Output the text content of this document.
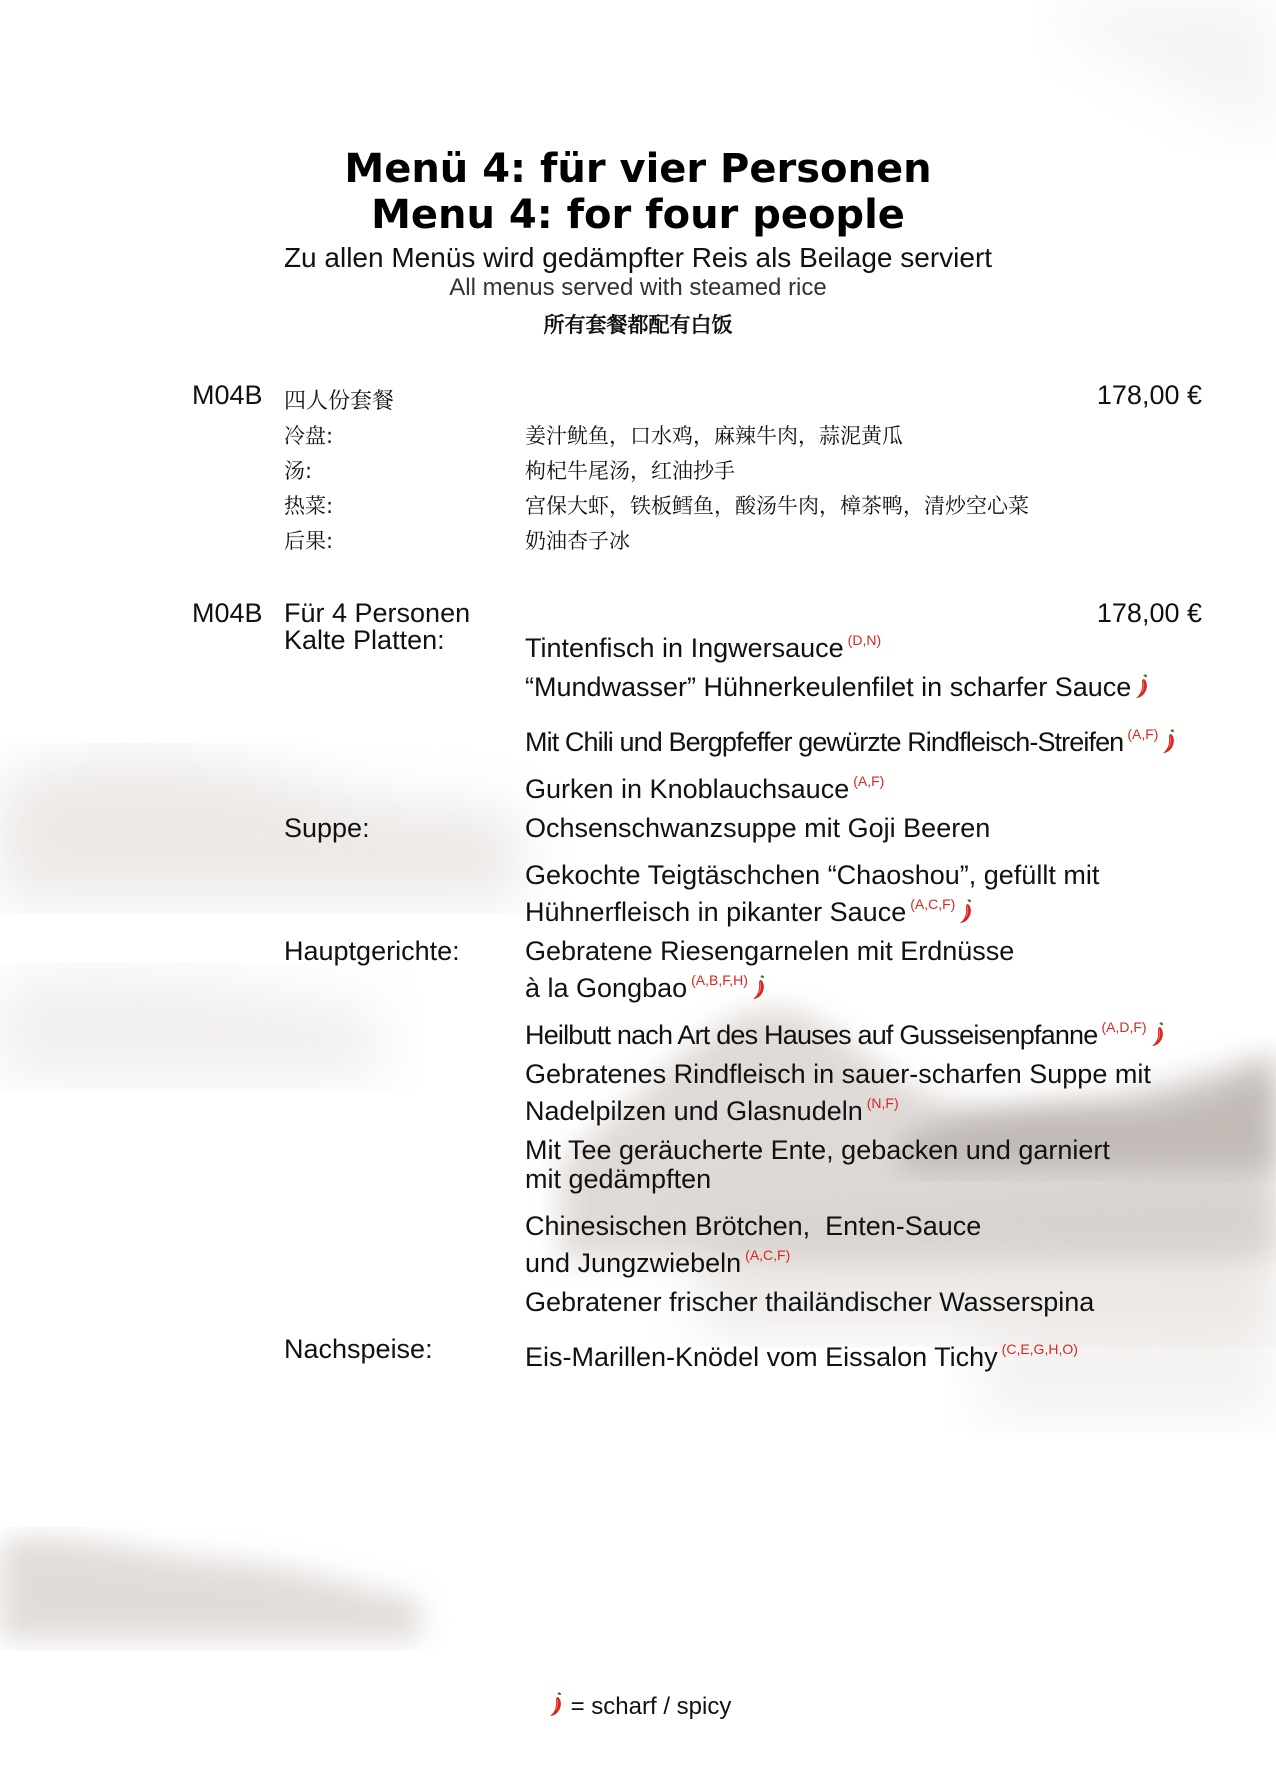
Menü 4: für vier Personen
Menu 4: for four people
Zu allen Menüs wird gedämpfter Reis als Beilage serviert
All menus served with steamed rice
所有套餐都配有白饭
M04B 四人份套餐	178,00 €
冷盘:	姜汁鱿鱼，口水鸡，麻辣牛肉，蒜泥黄瓜
汤:	枸杞牛尾汤，红油抄手
热菜:	宫保大虾，铁板鳕鱼，酸汤牛肉，樟茶鸭，清炒空心菜
后果:	奶油杏子冰
M04B Für 4 Personen	178,00 €
Kalte Platten:	Tintenfisch in Ingwersauce $^{(D,N)}$
“Mundwasser” Hühnerkeulenfilet in scharfer Sauce
Mit Chili und Bergpfeffer gewürzte Rindfleisch-Streifen $^{(A,F)}$
Gurken in Knoblauchsauce $^{(A,F)}$
Suppe:	Ochsenschwanzsuppe mit Goji Beeren
Gekochte Teigtäschchen “Chaoshou”, gefüllt mit
Hühnerfleisch in pikanter Sauce $^{(A,C,F)}$
Hauptgerichte: Gebratene Riesengarnelen mit Erdnüsse
à la Gongbao $^{(A,B,F,H)}$
Heilbutt nach Art des Hauses auf Gusseisenpfanne $^{(A,D,F)}$
Gebratenes Rindfleisch in sauer-scharfen Suppe mit
Nadelpilzen und Glasnudeln $^{(N,F)}$
Mit Tee geräucherte Ente, gebacken und garniert
mit gedämpften
Chinesischen Brötchen,  Enten-Sauce
und Jungzwiebeln $^{(A,C,F)}$
Gebratener frischer thailändischer Wasserspina
Nachspeise:	Eis-Marillen-Knödel vom Eissalon Tichy $^{(C,E,G,H,O)}$
= scharf / spicy
